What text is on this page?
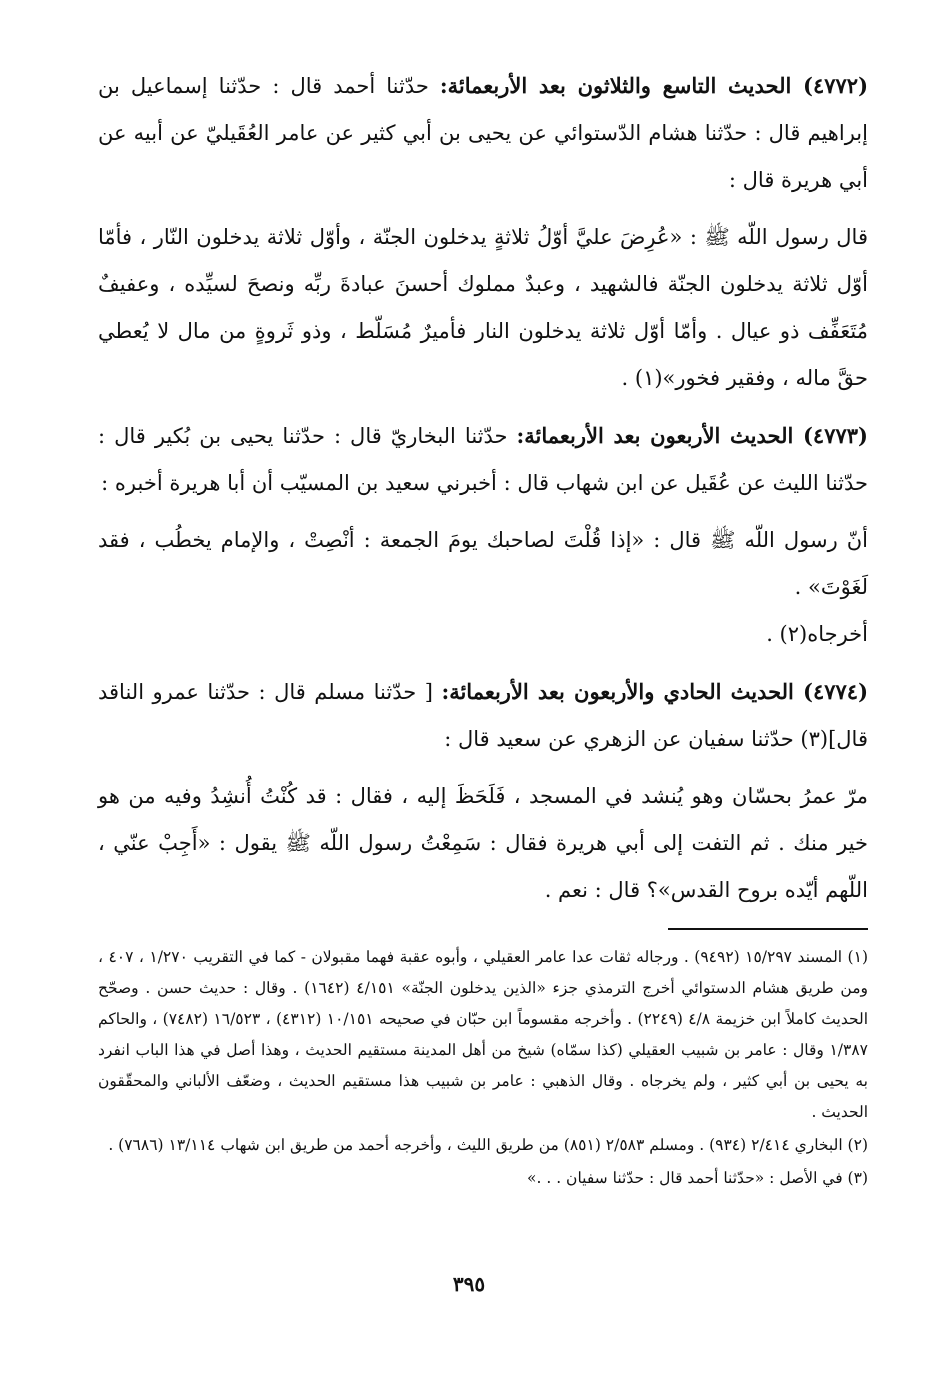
(٤٧٧٢) الحديث التاسع والثلاثون بعد الأربعمائة: حدّثنا أحمد قال : حدّثنا إسماعيل بن إبراهيم قال : حدّثنا هشام الدّستوائي عن يحيى بن أبي كثير عن عامر العُقَيليّ عن أبيه عن أبي هريرة قال :

قال رسول اللّه ﷺ : «عُرِضَ عليَّ أوّلُ ثلاثةٍ يدخلون الجنّة ، وأوّل ثلاثة يدخلون النّار ، فأمّا أوّل ثلاثة يدخلون الجنّة فالشهيد ، وعبدٌ مملوك أحسنَ عبادةَ ربِّه ونصحَ لسيِّده ، وعفيفٌ مُتَعَفِّف ذو عيال . وأمّا أوّل ثلاثة يدخلون النار فأميرٌ مُسَلّط ، وذو ثَروةٍ من مال لا يُعطي حقَّ ماله ، وفقير فخور»(١) .

(٤٧٧٣) الحديث الأربعون بعد الأربعمائة: حدّثنا البخاريّ قال : حدّثنا يحيى بن بُكير قال : حدّثنا الليث عن عُقَيل عن ابن شهاب قال : أخبرني سعيد بن المسيّب أن أبا هريرة أخبره :

أنّ رسول اللّه ﷺ قال : «إذا قُلْتَ لصاحبك يومَ الجمعة : أنْصِتْ ، والإمام يخطُب ، فقد لَغَوْتَ» .

أخرجاه(٢) .

(٤٧٧٤) الحديث الحادي والأربعون بعد الأربعمائة: [ حدّثنا مسلم قال : حدّثنا عمرو الناقد قال](٣) حدّثنا سفيان عن الزهري عن سعيد قال :

مرّ عمرُ بحسّان وهو يُنشد في المسجد ، فَلَحَظَ إليه ، فقال : قد كُنْتُ أُنشِدُ وفيه من هو خير منك . ثم التفت إلى أبي هريرة فقال : سَمِعْتُ رسول اللّه ﷺ يقول : «أَجِبْ عنّي ، اللّهم أيّده بروح القدس»؟ قال : نعم .

(١) المسند ١٥/٢٩٧ (٩٤٩٢) . ورجاله ثقات عدا عامر العقيلي ، وأبوه عقبة فهما مقبولان - كما في التقريب ١/٢٧٠ ، ٤٠٧ ، ومن طريق هشام الدستوائي أخرج الترمذي جزء «الذين يدخلون الجنّة» ٤/١٥١ (١٦٤٢) . وقال : حديث حسن . وصحّح الحديث كاملاً ابن خزيمة ٤/٨ (٢٢٤٩) . وأخرجه مقسوماً ابن حبّان في صحيحه ١٠/١٥١ (٤٣١٢) ، ١٦/٥٢٣ (٧٤٨٢) ، والحاكم ١/٣٨٧ وقال : عامر بن شبيب العقيلي (كذا سمّاه) شيخ من أهل المدينة مستقيم الحديث ، وهذا أصل في هذا الباب انفرد به يحيى بن أبي كثير ، ولم يخرجاه . وقال الذهبي : عامر بن شبيب هذا مستقيم الحديث ، وضعّف الألباني والمحقّقون الحديث .

(٢) البخاري ٢/٤١٤ (٩٣٤) . ومسلم ٢/٥٨٣ (٨٥١) من طريق الليث ، وأخرجه أحمد من طريق ابن شهاب ١٣/١١٤ (٧٦٨٦) .

(٣) في الأصل : «حدّثنا أحمد قال : حدّثنا سفيان . . .»

٣٩٥
